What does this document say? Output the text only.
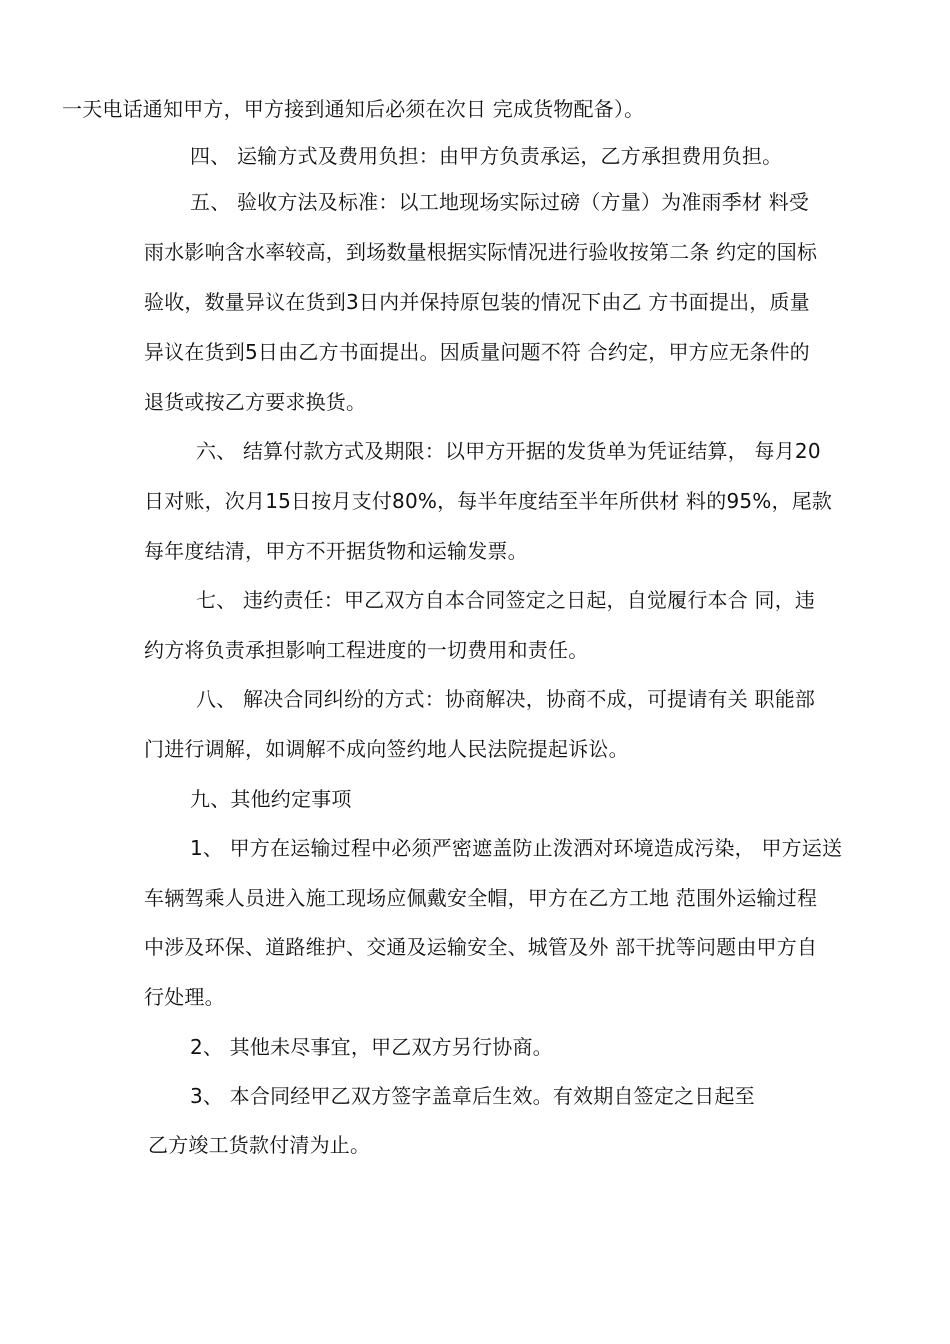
一天电话通知甲方，甲方接到通知后必须在次日 完成货物配备）。
四、 运输方式及费用负担：由甲方负责承运，乙方承担费用负担。
五、 验收方法及标准：以工地现场实际过磅（方量）为准雨季材 料受
雨水影响含水率较高，到场数量根据实际情况进行验收按第二条 约定的国标
验收，数量异议在货到3日内并保持原包装的情况下由乙 方书面提出，质量
异议在货到5日由乙方书面提出。因质量问题不符 合约定，甲方应无条件的
退货或按乙方要求换货。
六、 结算付款方式及期限：以甲方开据的发货单为凭证结算， 每月20
日对账，次月15日按月支付80%，每半年度结至半年所供材 料的95%，尾款
每年度结清，甲方不开据货物和运输发票。
七、 违约责任：甲乙双方自本合同签定之日起，自觉履行本合 同，违
约方将负责承担影响工程进度的一切费用和责任。
八、 解决合同纠纷的方式：协商解决，协商不成，可提请有关 职能部
门进行调解，如调解不成向签约地人民法院提起诉讼。
九、其他约定事项
1、 甲方在运输过程中必须严密遮盖防止泼洒对环境造成污染， 甲方运送
车辆驾乘人员进入施工现场应佩戴安全帽，甲方在乙方工地 范围外运输过程
中涉及环保、道路维护、交通及运输安全、城管及外 部干扰等问题由甲方自
行处理。
2、 其他未尽事宜，甲乙双方另行协商。
3、 本合同经甲乙双方签字盖章后生效。有效期自签定之日起至
乙方竣工货款付清为止。
